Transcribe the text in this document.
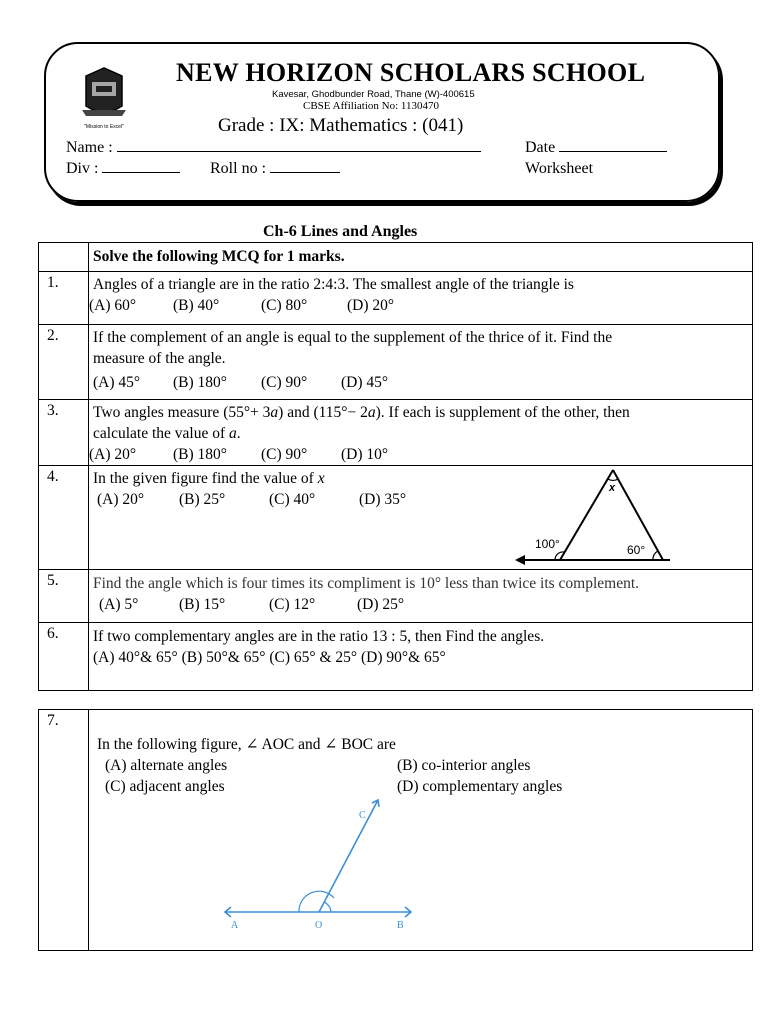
"Mission to Excel"
NEW HORIZON SCHOLARS SCHOOL
Kavesar, Ghodbunder Road, Thane (W)-400615
CBSE Affiliation No: 1130470
Grade : IX: Mathematics : (041)
Name :	Date
Div :	Roll no :	Worksheet
Ch-6 Lines and Angles
	Solve the following MCQ for 1 marks.
1.	Angles of a triangle are in the ratio 2:4:3. The smallest angle of the triangle is
(A) 60° (B) 40° (C) 80° (D) 20°

2.	If the complement of an angle is equal to the supplement of the thrice of it. Find the
measure of the angle.
(A) 45° (B) 180° (C) 90° (D) 45°

3.	Two angles measure (55°+ 3a) and (115°− 2a). If each is supplement of the other, then
calculate the value of a.
(A) 20° (B) 180° (C) 90° (D) 10°

4.	In the given figure find the value of x
(A) 20° (B) 25° (C) 40° (D) 35°
100° 60°
x

5.	Find the angle which is four times its compliment is 10° less than twice its complement.
(A) 5° (B) 15° (C) 12° (D) 25°

6.	If two complementary angles are in the ratio 13 : 5, then Find the angles.
(A) 40°& 65° (B) 50°& 65° (C) 65° & 25° (D) 90°& 65°
7.	
In the following figure, ∠ AOC and ∠ BOC are
(A) alternate angles	(B) co-interior angles
(C) adjacent angles	(D) complementary angles
A	O	B
C
